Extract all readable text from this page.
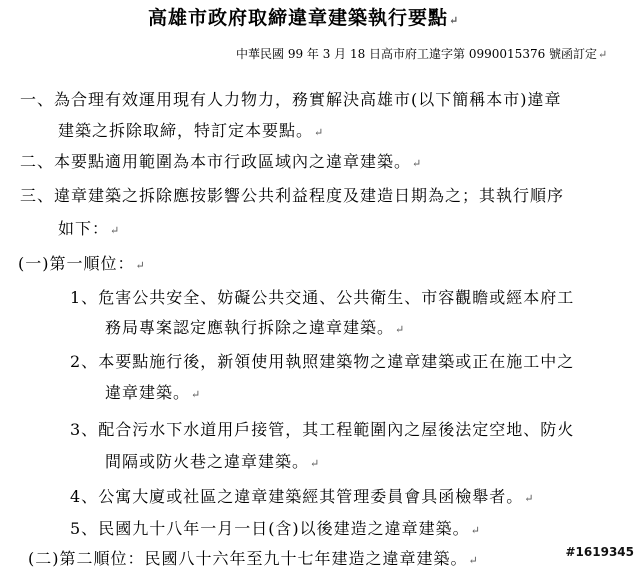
高雄市政府取締違章建築執行要點↵
中華民國 99 年 3 月 18 日高市府工違字第 0990015376 號函訂定↵
一、為合理有效運用現有人力物力，務實解決高雄市(以下簡稱本市)違章
建築之拆除取締，特訂定本要點。↵
二、本要點適用範圍為本市行政區域內之違章建築。↵
三、違章建築之拆除應按影響公共利益程度及建造日期為之；其執行順序
如下：↵
(一)第一順位：↵
1、危害公共安全、妨礙公共交通、公共衛生、市容觀瞻或經本府工
務局專案認定應執行拆除之違章建築。↵
2、本要點施行後，新領使用執照建築物之違章建築或正在施工中之
違章建築。↵
3、配合污水下水道用戶接管，其工程範圍內之屋後法定空地、防火
間隔或防火巷之違章建築。↵
4、公寓大廈或社區之違章建築經其管理委員會具函檢舉者。↵
5、民國九十八年一月一日(含)以後建造之違章建築。↵
(二)第二順位：民國八十六年至九十七年建造之違章建築。↵
#1619345
